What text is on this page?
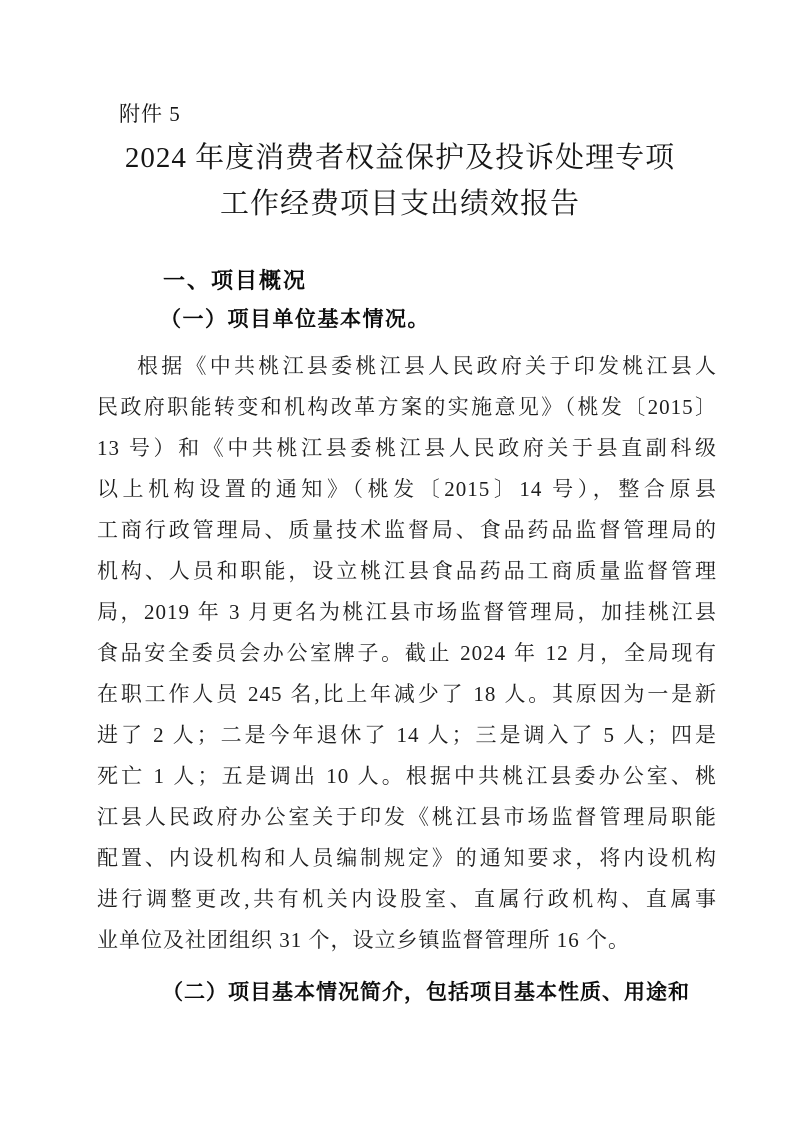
附件 5
2024 年度消费者权益保护及投诉处理专项
工作经费项目支出绩效报告
一、项目概况
（一）项目单位基本情况。
根据《中共桃江县委桃江县人民政府关于印发桃江县人
民政府职能转变和机构改革方案的实施意见》（桃发〔2015〕
13 号）和《中共桃江县委桃江县人民政府关于县直副科级
以上机构设置的通知》（桃发〔2015〕14 号），整合原县
工商行政管理局、质量技术监督局、食品药品监督管理局的
机构、人员和职能，设立桃江县食品药品工商质量监督管理
局，2019 年 3 月更名为桃江县市场监督管理局，加挂桃江县
食品安全委员会办公室牌子。截止 2024 年 12 月，全局现有
在职工作人员 245 名,比上年减少了 18 人。其原因为一是新
进了 2 人；二是今年退休了 14 人；三是调入了 5 人；四是
死亡 1 人；五是调出 10 人。根据中共桃江县委办公室、桃
江县人民政府办公室关于印发《桃江县市场监督管理局职能
配置、内设机构和人员编制规定》的通知要求，将内设机构
进行调整更改,共有机关内设股室、直属行政机构、直属事
业单位及社团组织 31 个，设立乡镇监督管理所 16 个。
（二）项目基本情况简介，包括项目基本性质、用途和
